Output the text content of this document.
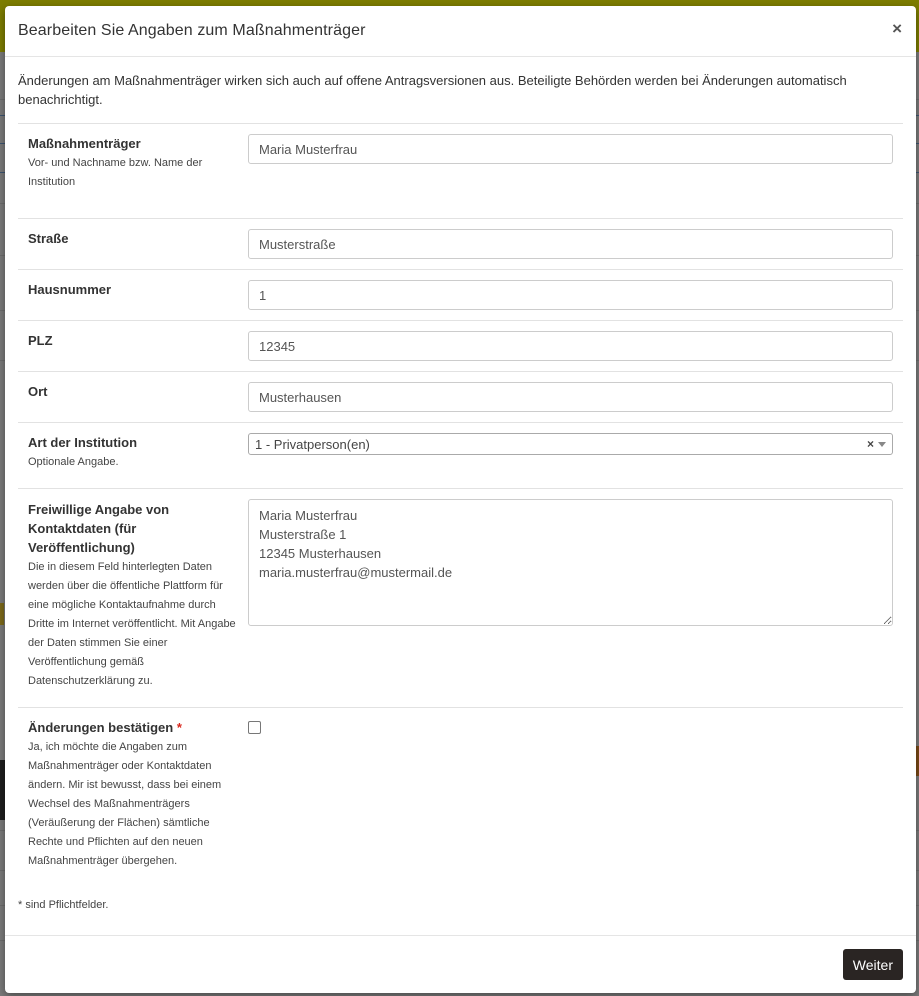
Bearbeiten Sie Angaben zum Maßnahmenträger	×

Änderungen am Maßnahmenträger wirken sich auch auf offene Antragsversionen aus. Beteiligte Behörden werden bei Änderungen automatisch benachrichtigt.

Maßnahmenträger
Vor- und Nachname bzw. Name der Institution
Maria Musterfrau
Straße
Musterstraße
Hausnummer
1
PLZ
12345
Ort
Musterhausen
Art der Institution
Optionale Angabe.
1 - Privatperson(en)	×
Freiwillige Angabe von Kontaktdaten (für Veröffentlichung)
Die in diesem Feld hinterlegten Daten werden über die öffentliche Plattform für eine mögliche Kontaktaufnahme durch Dritte im Internet veröffentlicht. Mit Angabe der Daten stimmen Sie einer Veröffentlichung gemäß Datenschutzerklärung zu.
Maria Musterfrau Musterstraße 1 12345 Musterhausen maria.musterfrau@mustermail.de
Änderungen bestätigen *
Ja, ich möchte die Angaben zum Maßnahmenträger oder Kontaktdaten ändern. Mir ist bewusst, dass bei einem Wechsel des Maßnahmenträgers (Veräußerung der Flächen) sämtliche Rechte und Pflichten auf den neuen Maßnahmenträger übergehen.

* sind Pflichtfelder.

Weiter
